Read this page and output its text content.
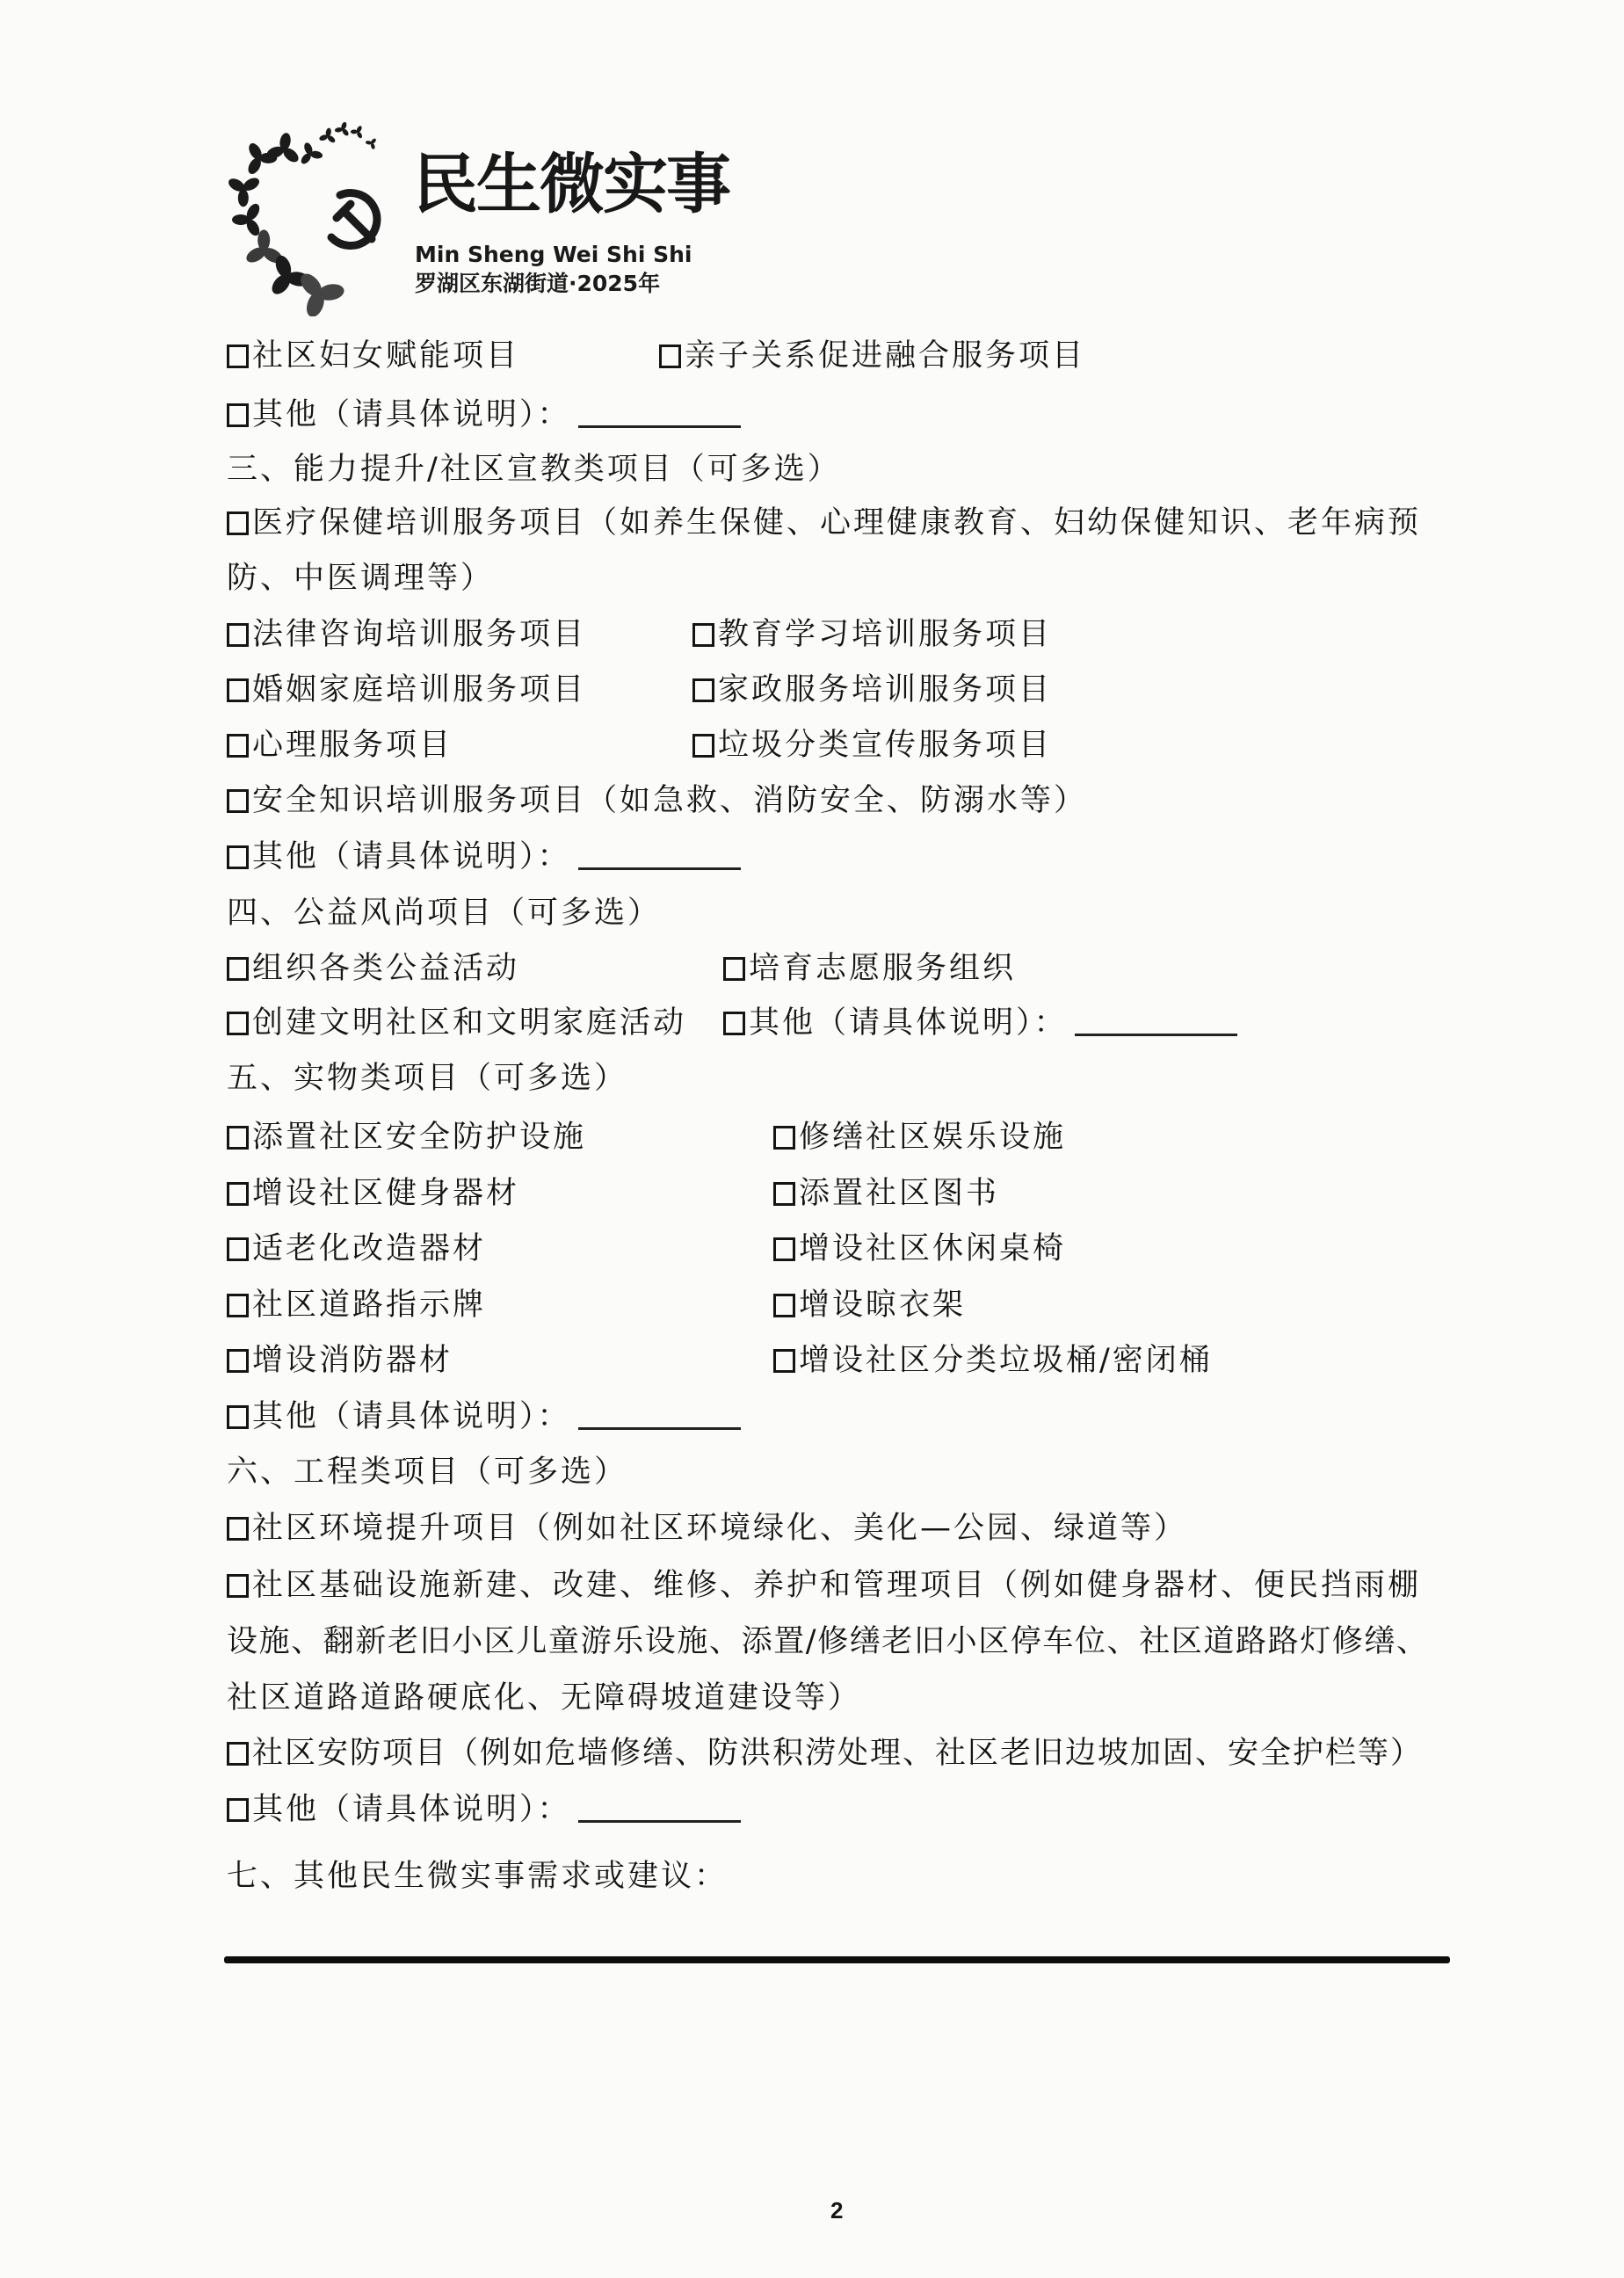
民生微实事
Min Sheng Wei Shi Shi
罗湖区东湖街道·2025年
社区妇女赋能项目	亲子关系促进融合服务项目
其他（请具体说明）：
三、能力提升/社区宣教类项目（可多选）
医疗保健培训服务项目（如养生保健、心理健康教育、妇幼保健知识、老年病预
防、中医调理等）
法律咨询培训服务项目	教育学习培训服务项目
婚姻家庭培训服务项目	家政服务培训服务项目
心理服务项目	垃圾分类宣传服务项目
安全知识培训服务项目（如急救、消防安全、防溺水等）
其他（请具体说明）：
四、公益风尚项目（可多选）
组织各类公益活动	培育志愿服务组织
创建文明社区和文明家庭活动	其他（请具体说明）：
五、实物类项目（可多选）
添置社区安全防护设施	修缮社区娱乐设施
增设社区健身器材	添置社区图书
适老化改造器材	增设社区休闲桌椅
社区道路指示牌	增设晾衣架
增设消防器材	增设社区分类垃圾桶/密闭桶
其他（请具体说明）：
六、工程类项目（可多选）
社区环境提升项目（例如社区环境绿化、美化—公园、绿道等）
社区基础设施新建、改建、维修、养护和管理项目（例如健身器材、便民挡雨棚
设施、翻新老旧小区儿童游乐设施、添置/修缮老旧小区停车位、社区道路路灯修缮、
社区道路道路硬底化、无障碍坡道建设等）
社区安防项目（例如危墙修缮、防洪积涝处理、社区老旧边坡加固、安全护栏等）
其他（请具体说明）：
七、其他民生微实事需求或建议：
2
